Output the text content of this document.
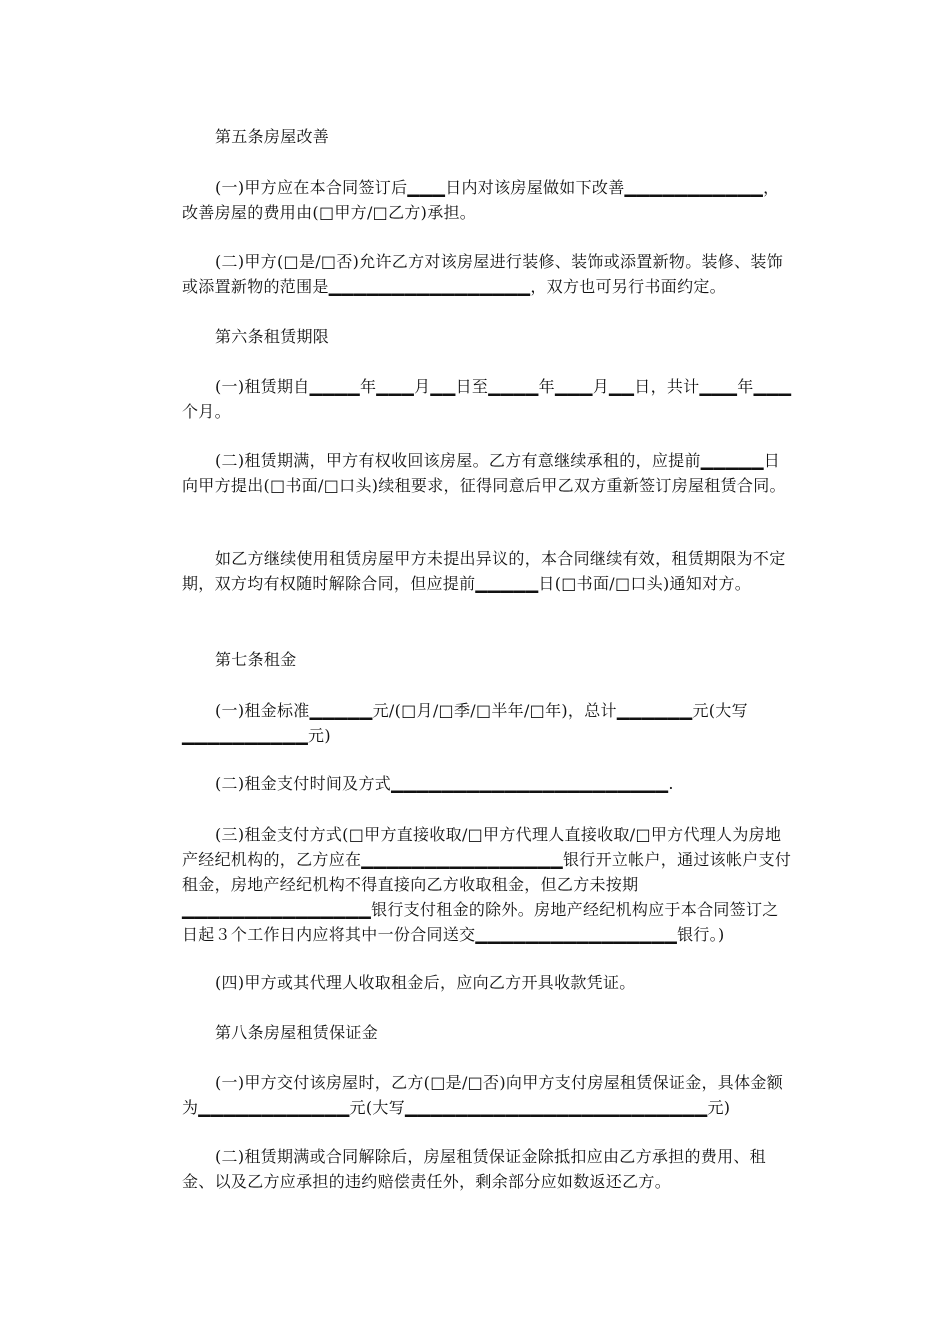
第五条房屋改善

(一)甲方应在本合同签订后▁▁▁日内对该房屋做如下改善▁▁▁▁▁▁▁▁▁▁▁，改善房屋的费用由(□甲方/□乙方)承担。

(二)甲方(□是/□否)允许乙方对该房屋进行装修、装饰或添置新物。装修、装饰或添置新物的范围是▁▁▁▁▁▁▁▁▁▁▁▁▁▁▁▁，双方也可另行书面约定。

第六条租赁期限

(一)租赁期自▁▁▁▁年▁▁▁月▁▁日至▁▁▁▁年▁▁▁月▁▁日，共计▁▁▁年▁▁▁个月。

(二)租赁期满，甲方有权收回该房屋。乙方有意继续承租的，应提前▁▁▁▁▁日向甲方提出(□书面/□口头)续租要求，征得同意后甲乙双方重新签订房屋租赁合同。

如乙方继续使用租赁房屋甲方未提出异议的，本合同继续有效，租赁期限为不定期，双方均有权随时解除合同，但应提前▁▁▁▁▁日(□书面/□口头)通知对方。

第七条租金

(一)租金标准▁▁▁▁▁元/(□月/□季/□半年/□年)，总计▁▁▁▁▁▁元(大写▁▁▁▁▁▁▁▁▁▁元)

(二)租金支付时间及方式▁▁▁▁▁▁▁▁▁▁▁▁▁▁▁▁▁▁▁▁▁▁.

(三)租金支付方式(□甲方直接收取/□甲方代理人直接收取/□甲方代理人为房地产经纪机构的，乙方应在▁▁▁▁▁▁▁▁▁▁▁▁▁▁▁▁银行开立帐户，通过该帐户支付租金，房地产经纪机构不得直接向乙方收取租金，但乙方未按期▁▁▁▁▁▁▁▁▁▁▁▁▁▁▁银行支付租金的除外。房地产经纪机构应于本合同签订之日起３个工作日内应将其中一份合同送交▁▁▁▁▁▁▁▁▁▁▁▁▁▁▁▁银行。)

(四)甲方或其代理人收取租金后，应向乙方开具收款凭证。

第八条房屋租赁保证金

(一)甲方交付该房屋时，乙方(□是/□否)向甲方支付房屋租赁保证金，具体金额为▁▁▁▁▁▁▁▁▁▁▁▁元(大写▁▁▁▁▁▁▁▁▁▁▁▁▁▁▁▁▁▁▁▁▁▁▁▁元)

(二)租赁期满或合同解除后，房屋租赁保证金除抵扣应由乙方承担的费用、租金、以及乙方应承担的违约赔偿责任外，剩余部分应如数返还乙方。
